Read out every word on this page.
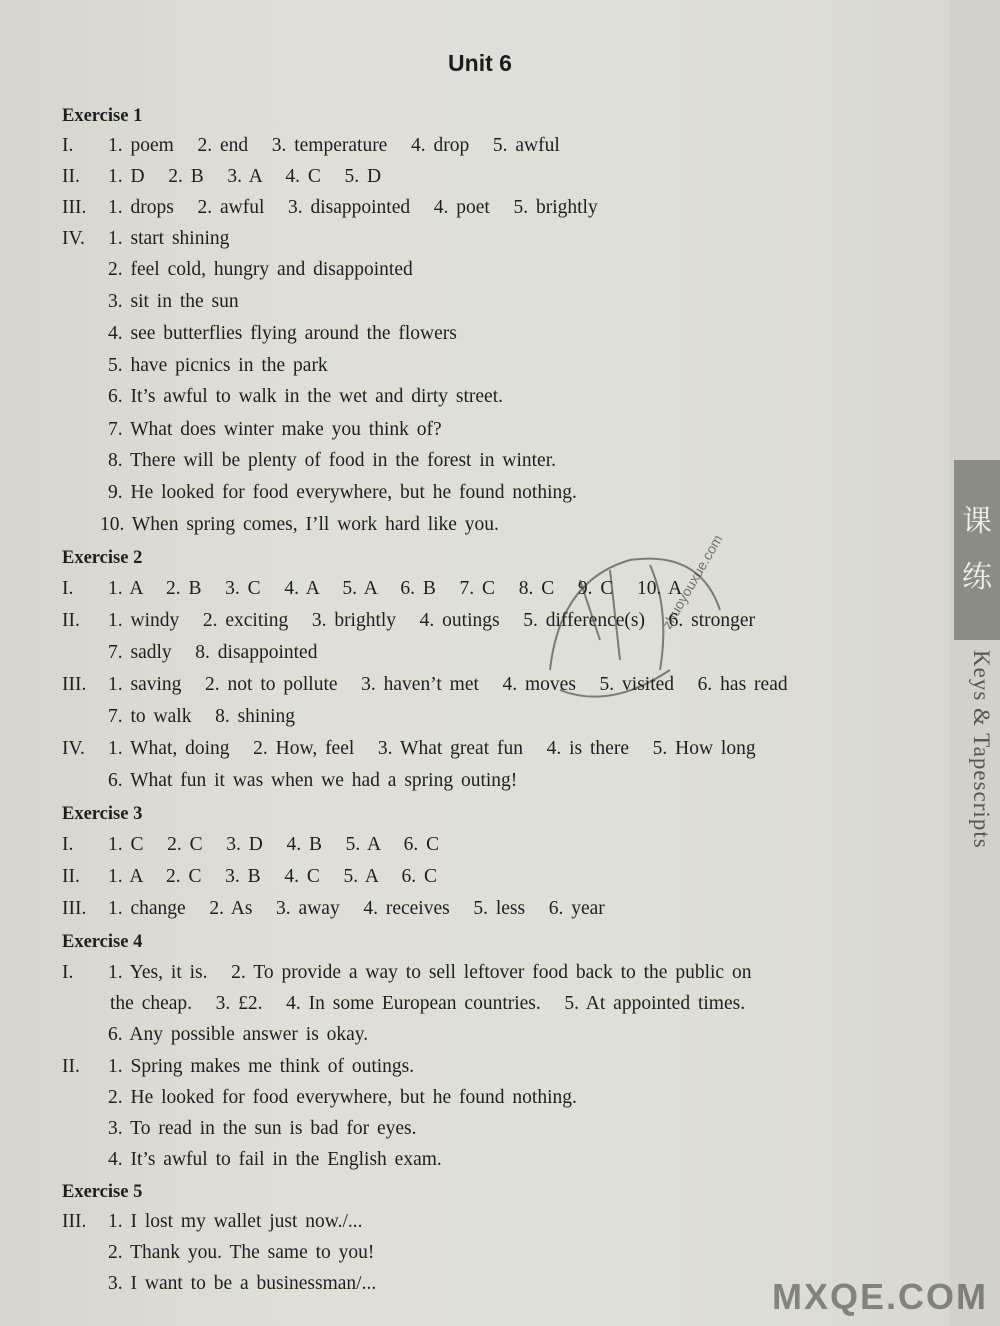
课
练
Keys & Tapescripts
Unit 6
Exercise 1
I. 1. poem   2. end   3. temperature   4. drop   5. awful
II. 1. D   2. B   3. A   4. C   5. D
III. 1. drops   2. awful   3. disappointed   4. poet   5. brightly
IV. 1. start shining
2. feel cold, hungry and disappointed
3. sit in the sun
4. see butterflies flying around the flowers
5. have picnics in the park
6. It’s awful to walk in the wet and dirty street.
7. What does winter make you think of?
8. There will be plenty of food in the forest in winter.
9. He looked for food everywhere, but he found nothing.
10. When spring comes, I’ll work hard like you.
Exercise 2
I. 1. A   2. B   3. C   4. A   5. A   6. B   7. C   8. C   9. C   10. A
II. 1. windy   2. exciting   3. brightly   4. outings   5. difference(s)   6. stronger
7. sadly   8. disappointed
III. 1. saving   2. not to pollute   3. haven’t met   4. moves   5. visited   6. has read
7. to walk   8. shining
IV. 1. What, doing   2. How, feel   3. What great fun   4. is there   5. How long
6. What fun it was when we had a spring outing!
Exercise 3
I. 1. C   2. C   3. D   4. B   5. A   6. C
II. 1. A   2. C   3. B   4. C   5. A   6. C
III. 1. change   2. As   3. away   4. receives   5. less   6. year
Exercise 4
I. 1. Yes, it is.   2. To provide a way to sell leftover food back to the public on
the cheap.   3. £2.   4. In some European countries.   5. At appointed times.
6. Any possible answer is okay.
II. 1. Spring makes me think of outings.
2. He looked for food everywhere, but he found nothing.
3. To read in the sun is bad for eyes.
4. It’s awful to fail in the English exam.
Exercise 5
III. 1. I lost my wallet just now./...
2. Thank you. The same to you!
3. I want to be a businessman/...
zhuoyouxue.com
MXQE.COM
